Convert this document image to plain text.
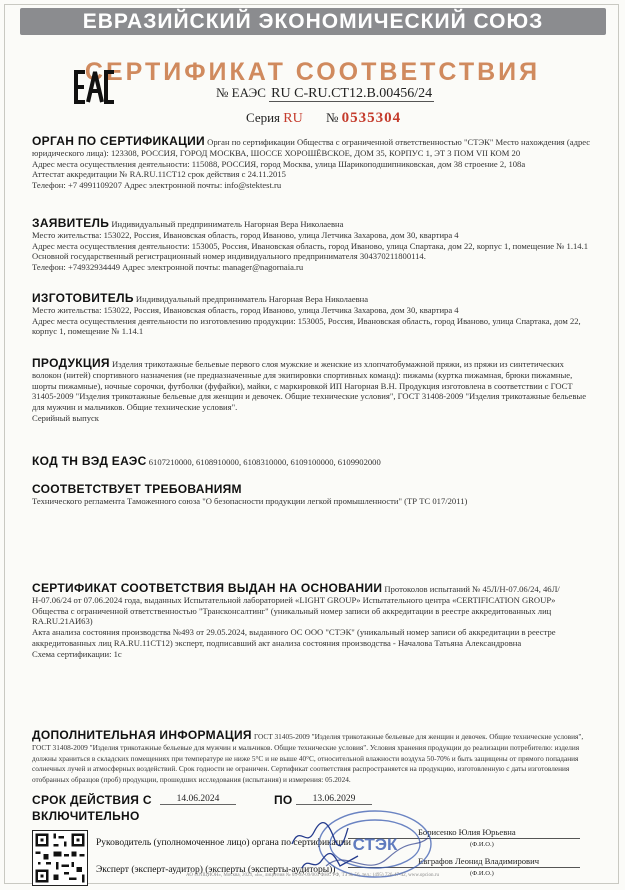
ЕВРАЗИЙСКИЙ ЭКОНОМИЧЕСКИЙ СОЮЗ
СЕРТИФИКАТ СООТВЕТСТВИЯ
№ ЕАЭС RU С-RU.СТ12.В.00456/24
Серия RU № 0535304
ОРГАН ПО СЕРТИФИКАЦИИ Орган по сертификации Общества с ограниченной ответственностью "СТЭК" Место нахождения (адрес юридического лица): 123308, РОССИЯ, ГОРОД МОСКВА, ШОССЕ ХОРОШЁВСКОЕ, ДОМ 35, КОРПУС 1, ЭТ 3 ПОМ VII КОМ 20
Адрес места осуществления деятельности: 115088, РОССИЯ, город Москва, улица Шарикоподшипниковская, дом 38 строение 2, 108а
Аттестат аккредитации № RA.RU.11СТ12 срок действия с 24.11.2015
Телефон: +7 4991109207 Адрес электронной почты: info@stektest.ru
ЗАЯВИТЕЛЬ Индивидуальный предприниматель Нагорная Вера Николаевна
Место жительства: 153022, Россия, Ивановская область, город Иваново, улица Летчика Захарова, дом 30, квартира 4
Адрес места осуществления деятельности: 153005, Россия, Ивановская область, город Иваново, улица Спартака, дом 22, корпус 1, помещение № 1.14.1
Основной государственный регистрационный номер индивидуального предпринимателя 304370211800114.
Телефон: +74932934449 Адрес электронной почты: manager@nagornaia.ru
ИЗГОТОВИТЕЛЬ Индивидуальный предприниматель Нагорная Вера Николаевна
Место жительства: 153022, Россия, Ивановская область, город Иваново, улица Летчика Захарова, дом 30, квартира 4
Адрес места осуществления деятельности по изготовлению продукции: 153005, Россия, Ивановская область, город Иваново, улица Спартака, дом 22, корпус 1, помещение № 1.14.1
ПРОДУКЦИЯ Изделия трикотажные бельевые первого слоя мужские и женские из хлопчатобумажной пряжи, из пряжи из синтетических волокон (нитей) спортивного назначения (не предназначенные для экипировки спортивных команд): пижамы (куртка пижамная, брюки пижамные, шорты пижамные), ночные сорочки, футболки (фуфайки), майки, с маркировкой ИП Нагорная В.Н. Продукция изготовлена в соответствии с ГОСТ 31405-2009 "Изделия трикотажные бельевые для женщин и девочек. Общие технические условия", ГОСТ 31408-2009 "Изделия трикотажные бельевые для мужчин и мальчиков. Общие технические условия".
Серийный выпуск
КОД ТН ВЭД ЕАЭС 6107210000, 6108910000, 6108310000, 6109100000, 6109902000
СООТВЕТСТВУЕТ ТРЕБОВАНИЯМ
Технического регламента Таможенного союза "О безопасности продукции легкой промышленности" (ТР ТС 017/2011)
СЕРТИФИКАТ СООТВЕТСТВИЯ ВЫДАН НА ОСНОВАНИИ Протоколов испытаний № 45Л/Н-07.06/24, 46Л/Н-07.06/24 от 07.06.2024 года, выданных Испытательной лабораторией «LIGHT GROUP» Испытательного центра «CERTIFICATION GROUP» Общества с ограниченной ответственностью "Трансконсалтинг" (уникальный номер записи об аккредитации в реестре аккредитованных лиц RA.RU.21АИ63)
Акта анализа состояния производства №493 от 29.05.2024, выданного ОС ООО "СТЭК" (уникальный номер записи об аккредитации в реестре аккредитованных лиц RA.RU.11СТ12) эксперт, подписавший акт анализа состояния производства - Началова Татьяна Александровна
Схема сертификации: 1с
ДОПОЛНИТЕЛЬНАЯ ИНФОРМАЦИЯ ГОСТ 31405-2009 "Изделия трикотажные бельевые для женщин и девочек. Общие технические условия", ГОСТ 31408-2009 "Изделия трикотажные бельевые для мужчин и мальчиков. Общие технические условия". Условия хранения продукции до реализации потребителю: изделия должны храниться в складских помещениях при температуре не ниже 5°С и не выше 40°С, относительной влажности воздуха 50-70% и быть защищены от прямого попадания солнечных лучей и атмосферных воздействий. Срок годности не ограничен. Сертификат соответствия распространяется на продукцию, изготовленную с даты изготовления отобранных образцов (проб) продукции, прошедших исследования (испытания) и измерения: 05.2024.
СРОК ДЕЙСТВИЯ С	14.06.2024	ПО	13.06.2029
ВКЛЮЧИТЕЛЬНО
Руководитель (уполномоченное лицо) органа по сертификации
Эксперт (эксперт-аудитор) (эксперты (эксперты-аудиторы))
Борисенко Юлия Юрьевна
(Ф.И.О.)
Евграфов Леонид Владимирович
(Ф.И.О.)
СТЭК
АО «ОПЦИОН», Москва, 2023, «Б», лицензия № 05-05-09/003 ФНС РФ, ТЗ № 56, тел.: (495) 726-47-42, www.opcion.ru
